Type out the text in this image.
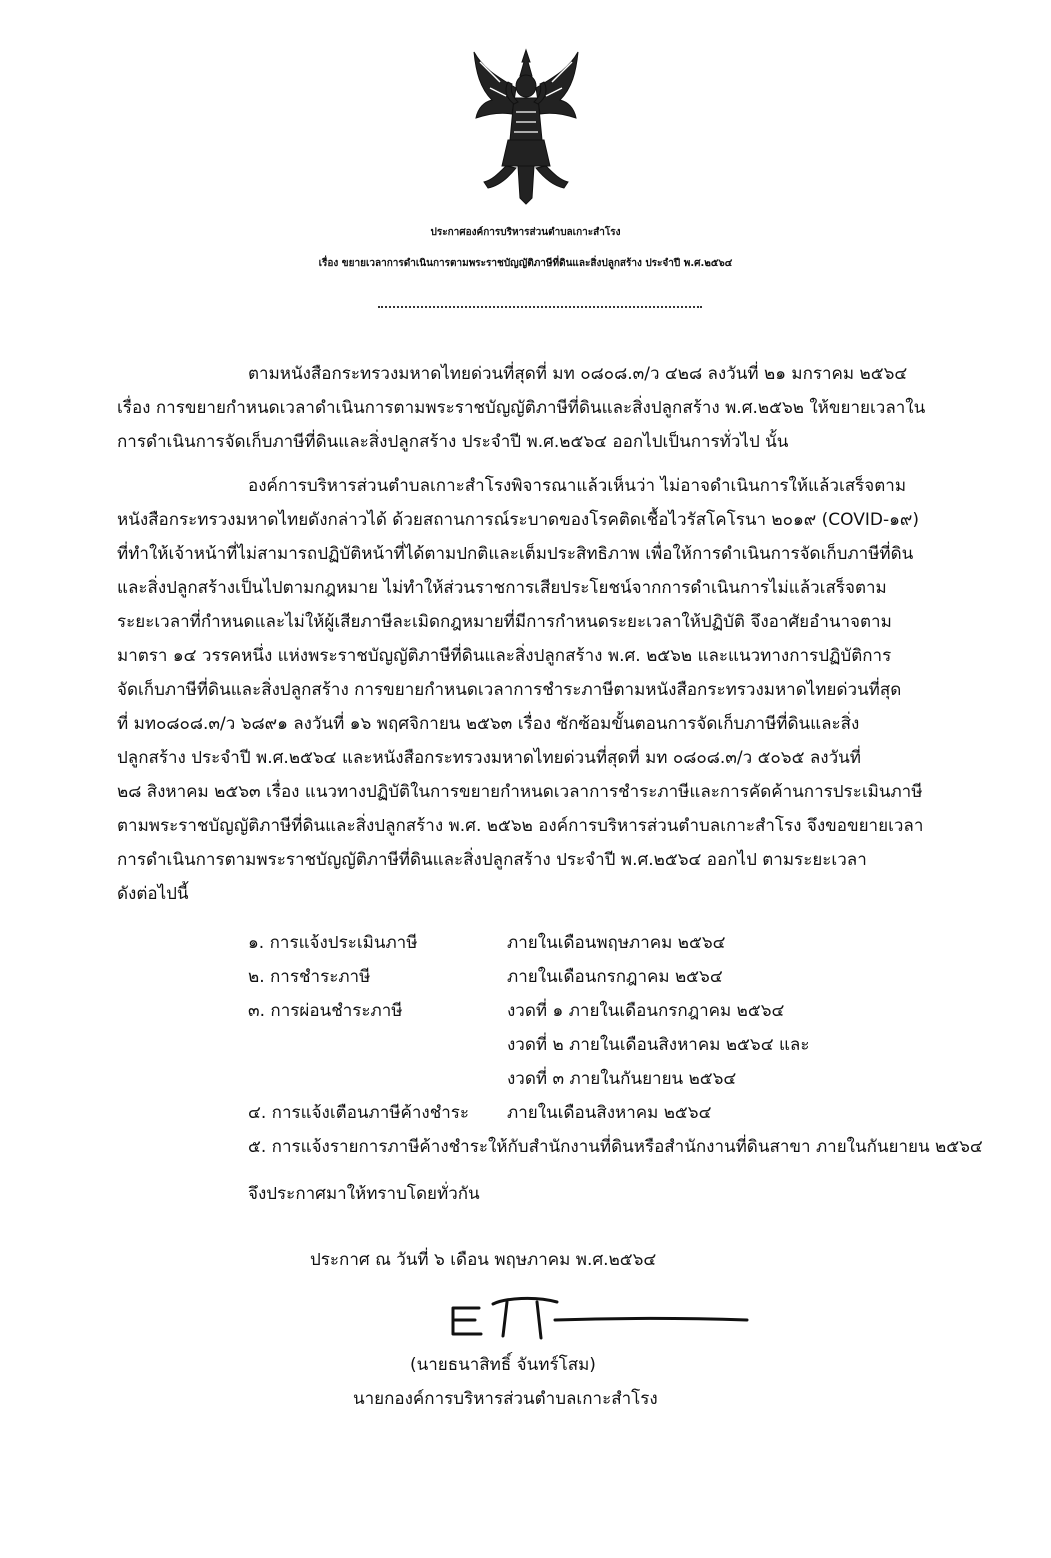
ประกาศองค์การบริหารส่วนตำบลเกาะสำโรง
เรื่อง ขยายเวลาการดำเนินการตามพระราชบัญญัติภาษีที่ดินและสิ่งปลูกสร้าง ประจำปี พ.ศ.๒๕๖๔
ตามหนังสือกระทรวงมหาดไทยด่วนที่สุดที่ มท ๐๘๐๘.๓/ว ๔๒๘ ลงวันที่ ๒๑ มกราคม ๒๕๖๔
เรื่อง การขยายกำหนดเวลาดำเนินการตามพระราชบัญญัติภาษีที่ดินและสิ่งปลูกสร้าง พ.ศ.๒๕๖๒ ให้ขยายเวลาใน
การดำเนินการจัดเก็บภาษีที่ดินและสิ่งปลูกสร้าง ประจำปี พ.ศ.๒๕๖๔ ออกไปเป็นการทั่วไป นั้น
องค์การบริหารส่วนตำบลเกาะสำโรงพิจารณาแล้วเห็นว่า ไม่อาจดำเนินการให้แล้วเสร็จตาม
หนังสือกระทรวงมหาดไทยดังกล่าวได้ ด้วยสถานการณ์ระบาดของโรคติดเชื้อไวรัสโคโรนา ๒๐๑๙ (COVID-๑๙)
ที่ทำให้เจ้าหน้าที่ไม่สามารถปฏิบัติหน้าที่ได้ตามปกติและเต็มประสิทธิภาพ เพื่อให้การดำเนินการจัดเก็บภาษีที่ดิน
และสิ่งปลูกสร้างเป็นไปตามกฎหมาย ไม่ทำให้ส่วนราชการเสียประโยชน์จากการดำเนินการไม่แล้วเสร็จตาม
ระยะเวลาที่กำหนดและไม่ให้ผู้เสียภาษีละเมิดกฎหมายที่มีการกำหนดระยะเวลาให้ปฏิบัติ จึงอาศัยอำนาจตาม
มาตรา ๑๔ วรรคหนึ่ง แห่งพระราชบัญญัติภาษีที่ดินและสิ่งปลูกสร้าง พ.ศ. ๒๕๖๒ และแนวทางการปฏิบัติการ
จัดเก็บภาษีที่ดินและสิ่งปลูกสร้าง การขยายกำหนดเวลาการชำระภาษีตามหนังสือกระทรวงมหาดไทยด่วนที่สุด
ที่ มท๐๘๐๘.๓/ว ๖๘๙๑ ลงวันที่ ๑๖ พฤศจิกายน ๒๕๖๓ เรื่อง ซักซ้อมขั้นตอนการจัดเก็บภาษีที่ดินและสิ่ง
ปลูกสร้าง ประจำปี พ.ศ.๒๕๖๔ และหนังสือกระทรวงมหาดไทยด่วนที่สุดที่ มท ๐๘๐๘.๓/ว ๕๐๖๕ ลงวันที่
๒๘ สิงหาคม ๒๕๖๓ เรื่อง แนวทางปฏิบัติในการขยายกำหนดเวลาการชำระภาษีและการคัดค้านการประเมินภาษี
ตามพระราชบัญญัติภาษีที่ดินและสิ่งปลูกสร้าง พ.ศ. ๒๕๖๒ องค์การบริหารส่วนตำบลเกาะสำโรง จึงขอขยายเวลา
การดำเนินการตามพระราชบัญญัติภาษีที่ดินและสิ่งปลูกสร้าง ประจำปี พ.ศ.๒๕๖๔ ออกไป ตามระยะเวลา
ดังต่อไปนี้
๑. การแจ้งประเมินภาษี	ภายในเดือนพฤษภาคม ๒๕๖๔
๒. การชำระภาษี	ภายในเดือนกรกฎาคม ๒๕๖๔
๓. การผ่อนชำระภาษี	งวดที่ ๑ ภายในเดือนกรกฎาคม ๒๕๖๔
งวดที่ ๒ ภายในเดือนสิงหาคม ๒๕๖๔ และ
งวดที่ ๓ ภายในกันยายน ๒๕๖๔
๔. การแจ้งเตือนภาษีค้างชำระ ภายในเดือนสิงหาคม ๒๕๖๔
๕. การแจ้งรายการภาษีค้างชำระให้กับสำนักงานที่ดินหรือสำนักงานที่ดินสาขา ภายในกันยายน ๒๕๖๔
จึงประกาศมาให้ทราบโดยทั่วกัน
ประกาศ ณ วันที่ ๖ เดือน พฤษภาคม พ.ศ.๒๕๖๔
(นายธนาสิทธิ์ จันทร์โสม)
นายกองค์การบริหารส่วนตำบลเกาะสำโรง
